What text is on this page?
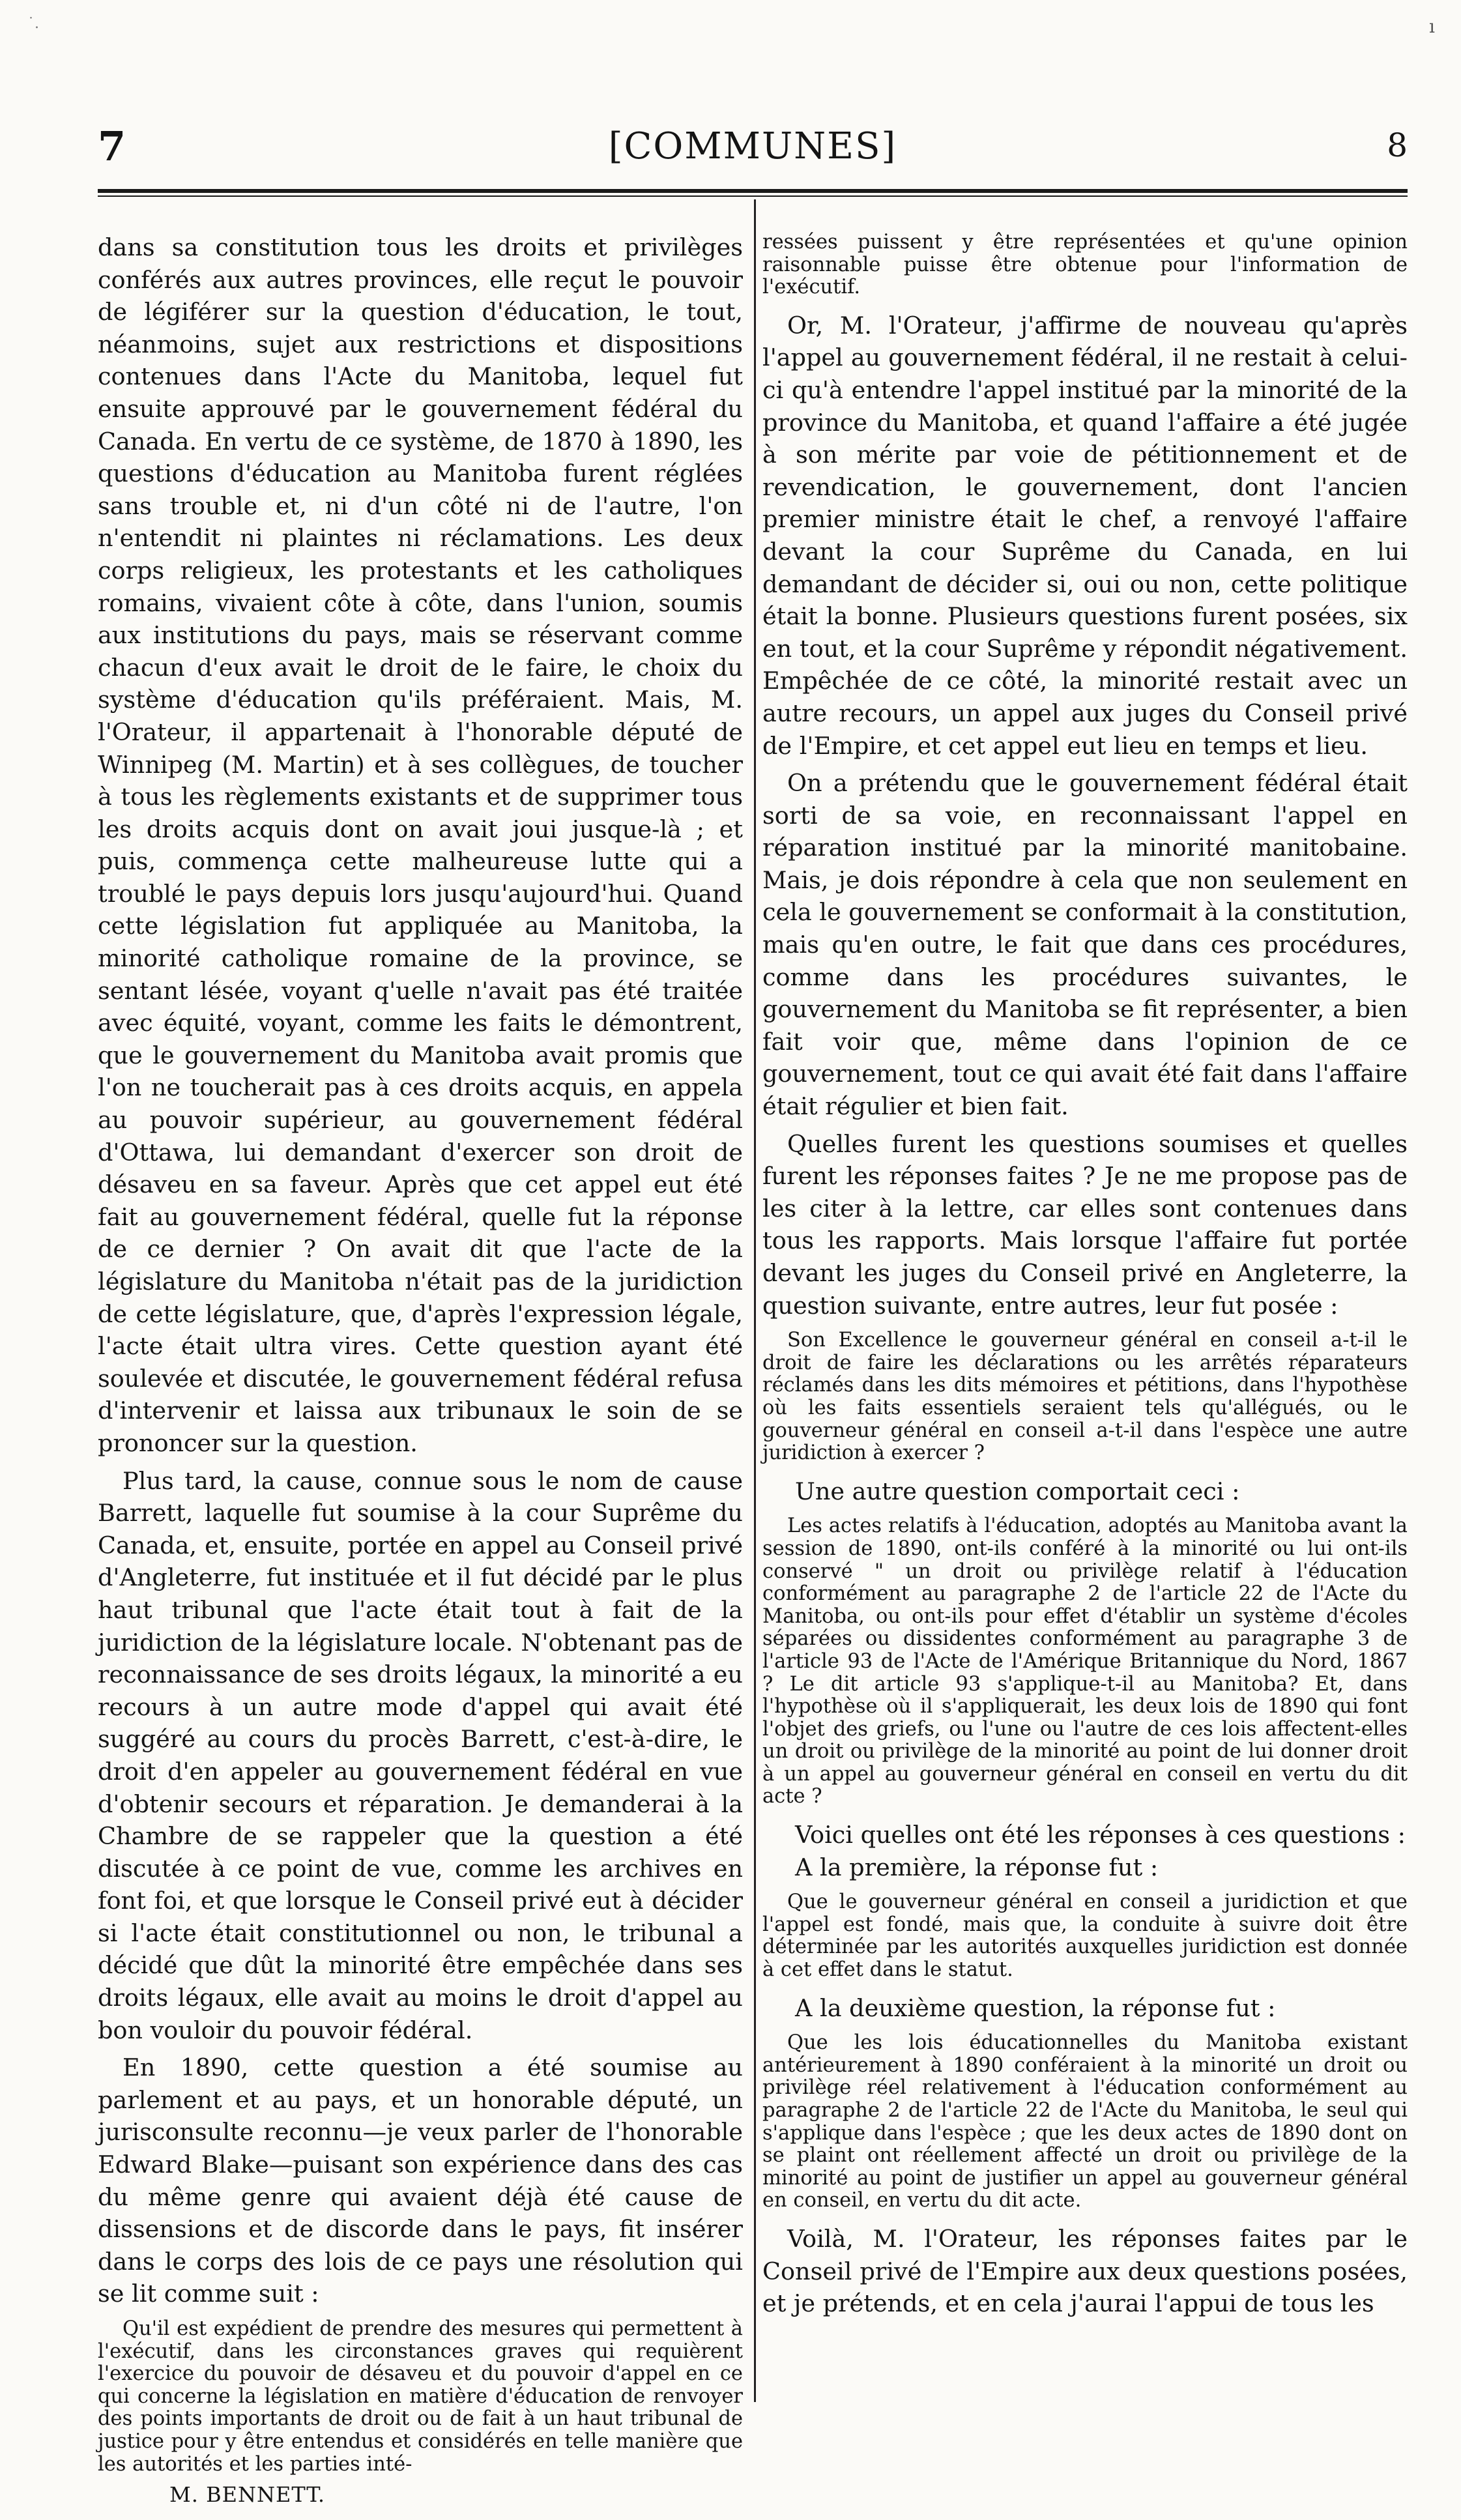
˙.	ı
7	[COMMUNES]	8

dans sa constitution tous les droits et privilèges conférés aux autres provinces, elle reçut le pouvoir de légiférer sur la question d'éducation, le tout, néanmoins, sujet aux restrictions et dispositions contenues dans l'Acte du Manitoba, lequel fut ensuite approuvé par le gouvernement fédéral du Canada. En vertu de ce système, de 1870 à 1890, les questions d'éducation au Manitoba furent réglées sans trouble et, ni d'un côté ni de l'autre, l'on n'entendit ni plaintes ni réclamations. Les deux corps religieux, les protestants et les catholiques romains, vivaient côte à côte, dans l'union, soumis aux institutions du pays, mais se réservant comme chacun d'eux avait le droit de le faire, le choix du système d'éducation qu'ils préféraient. Mais, M. l'Orateur, il appartenait à l'honorable député de Winnipeg (M. Martin) et à ses collègues, de toucher à tous les règlements existants et de supprimer tous les droits acquis dont on avait joui jusque-là ; et puis, commença cette malheureuse lutte qui a troublé le pays depuis lors jusqu'aujourd'hui. Quand cette législation fut appliquée au Manitoba, la minorité catholique romaine de la province, se sentant lésée, voyant q'uelle n'avait pas été traitée avec équité, voyant, comme les faits le démontrent, que le gouvernement du Manitoba avait promis que l'on ne toucherait pas à ces droits acquis, en appela au pouvoir supérieur, au gouvernement fédéral d'Ottawa, lui demandant d'exercer son droit de désaveu en sa faveur. Après que cet appel eut été fait au gouvernement fédéral, quelle fut la réponse de ce dernier ? On avait dit que l'acte de la législature du Manitoba n'était pas de la juridiction de cette législature, que, d'après l'expression légale, l'acte était ultra vires. Cette question ayant été soulevée et discutée, le gouvernement fédéral refusa d'intervenir et laissa aux tribunaux le soin de se prononcer sur la question.

Plus tard, la cause, connue sous le nom de cause Barrett, laquelle fut soumise à la cour Suprême du Canada, et, ensuite, portée en appel au Conseil privé d'Angleterre, fut instituée et il fut décidé par le plus haut tribunal que l'acte était tout à fait de la juridiction de la législature locale. N'obtenant pas de reconnaissance de ses droits légaux, la minorité a eu recours à un autre mode d'appel qui avait été suggéré au cours du procès Barrett, c'est-à-dire, le droit d'en appeler au gouvernement fédéral en vue d'obtenir secours et réparation. Je demanderai à la Chambre de se rappeler que la question a été discutée à ce point de vue, comme les archives en font foi, et que lorsque le Conseil privé eut à décider si l'acte était constitutionnel ou non, le tribunal a décidé que dût la minorité être empêchée dans ses droits légaux, elle avait au moins le droit d'appel au bon vouloir du pouvoir fédéral.

En 1890, cette question a été soumise au parlement et au pays, et un honorable député, un jurisconsulte reconnu—je veux parler de l'honorable Edward Blake—puisant son expérience dans des cas du même genre qui avaient déjà été cause de dissensions et de discorde dans le pays, fit insérer dans le corps des lois de ce pays une résolution qui se lit comme suit :

Qu'il est expédient de prendre des mesures qui permettent à l'exécutif, dans les circonstances graves qui requièrent l'exercice du pouvoir de désaveu et du pouvoir d'appel en ce qui concerne la législation en matière d'éducation de renvoyer des points importants de droit ou de fait à un haut tribunal de justice pour y être entendus et considérés en telle manière que les autorités et les parties inté-

M. BENNETT.

ressées puissent y être représentées et qu'une opinion raisonnable puisse être obtenue pour l'information de l'exécutif.

Or, M. l'Orateur, j'affirme de nouveau qu'après l'appel au gouvernement fédéral, il ne restait à celui-ci qu'à entendre l'appel institué par la minorité de la province du Manitoba, et quand l'affaire a été jugée à son mérite par voie de pétitionnement et de revendication, le gouvernement, dont l'ancien premier ministre était le chef, a renvoyé l'affaire devant la cour Suprême du Canada, en lui demandant de décider si, oui ou non, cette politique était la bonne. Plusieurs questions furent posées, six en tout, et la cour Suprême y répondit négativement. Empêchée de ce côté, la minorité restait avec un autre recours, un appel aux juges du Conseil privé de l'Empire, et cet appel eut lieu en temps et lieu.

On a prétendu que le gouvernement fédéral était sorti de sa voie, en reconnaissant l'appel en réparation institué par la minorité manitobaine. Mais, je dois répondre à cela que non seulement en cela le gouvernement se conformait à la constitution, mais qu'en outre, le fait que dans ces procédures, comme dans les procédures suivantes, le gouvernement du Manitoba se fit représenter, a bien fait voir que, même dans l'opinion de ce gouvernement, tout ce qui avait été fait dans l'affaire était régulier et bien fait.

Quelles furent les questions soumises et quelles furent les réponses faites ? Je ne me propose pas de les citer à la lettre, car elles sont contenues dans tous les rapports. Mais lorsque l'affaire fut portée devant les juges du Conseil privé en Angleterre, la question suivante, entre autres, leur fut posée :

Son Excellence le gouverneur général en conseil a-t-il le droit de faire les déclarations ou les arrêtés réparateurs réclamés dans les dits mémoires et pétitions, dans l'hypothèse où les faits essentiels seraient tels qu'allégués, ou le gouverneur général en conseil a-t-il dans l'espèce une autre juridiction à exercer ?

Une autre question comportait ceci :

Les actes relatifs à l'éducation, adoptés au Manitoba avant la session de 1890, ont-ils conféré à la minorité ou lui ont-ils conservé " un droit ou privilège relatif à l'éducation conformément au paragraphe 2 de l'article 22 de l'Acte du Manitoba, ou ont-ils pour effet d'établir un système d'écoles séparées ou dissidentes conformément au paragraphe 3 de l'article 93 de l'Acte de l'Amérique Britannique du Nord, 1867 ? Le dit article 93 s'applique-t-il au Manitoba? Et, dans l'hypothèse où il s'appliquerait, les deux lois de 1890 qui font l'objet des griefs, ou l'une ou l'autre de ces lois affectent-elles un droit ou privilège de la minorité au point de lui donner droit à un appel au gouverneur général en conseil en vertu du dit acte ?

Voici quelles ont été les réponses à ces questions :

A la première, la réponse fut :

Que le gouverneur général en conseil a juridiction et que l'appel est fondé, mais que, la conduite à suivre doit être déterminée par les autorités auxquelles juridiction est donnée à cet effet dans le statut.

A la deuxième question, la réponse fut :

Que les lois éducationnelles du Manitoba existant antérieurement à 1890 conféraient à la minorité un droit ou privilège réel relativement à l'éducation conformément au paragraphe 2 de l'article 22 de l'Acte du Manitoba, le seul qui s'applique dans l'espèce ; que les deux actes de 1890 dont on se plaint ont réellement affecté un droit ou privilège de la minorité au point de justifier un appel au gouverneur général en conseil, en vertu du dit acte.

Voilà, M. l'Orateur, les réponses faites par le Conseil privé de l'Empire aux deux questions posées, et je prétends, et en cela j'aurai l'appui de tous les
